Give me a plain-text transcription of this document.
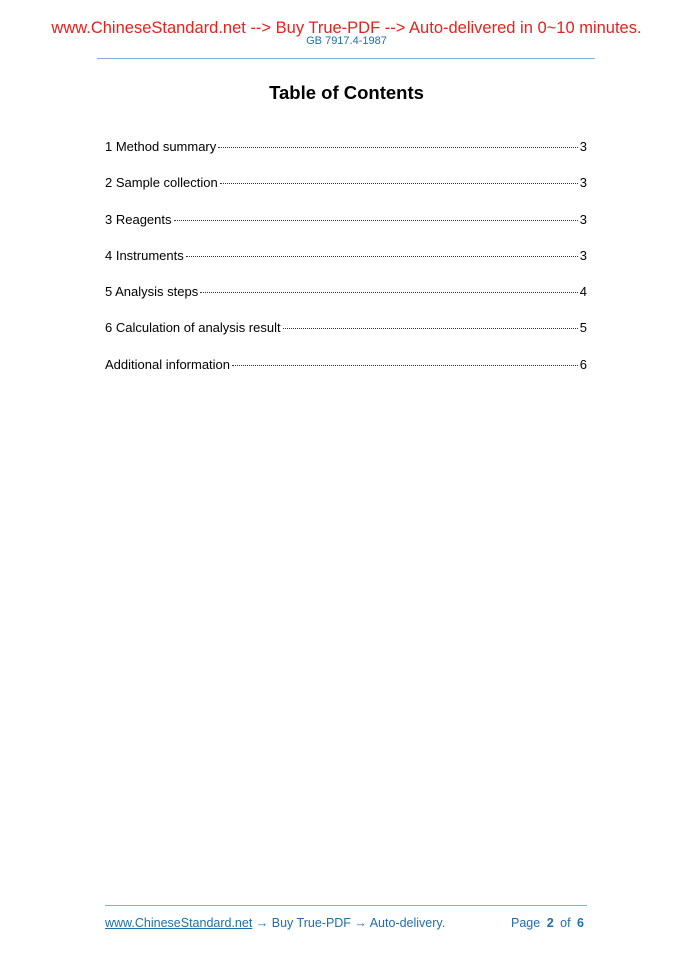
www.ChineseStandard.net --> Buy True-PDF --> Auto-delivered in 0~10 minutes.
GB 7917.4-1987
Table of Contents
1 Method summary	3
2 Sample collection	3
3 Reagents	3
4 Instruments	3
5 Analysis steps	4
6 Calculation of analysis result	5
Additional information	6
www.ChineseStandard.net → Buy True-PDF → Auto-delivery.	Page 2 of 6
